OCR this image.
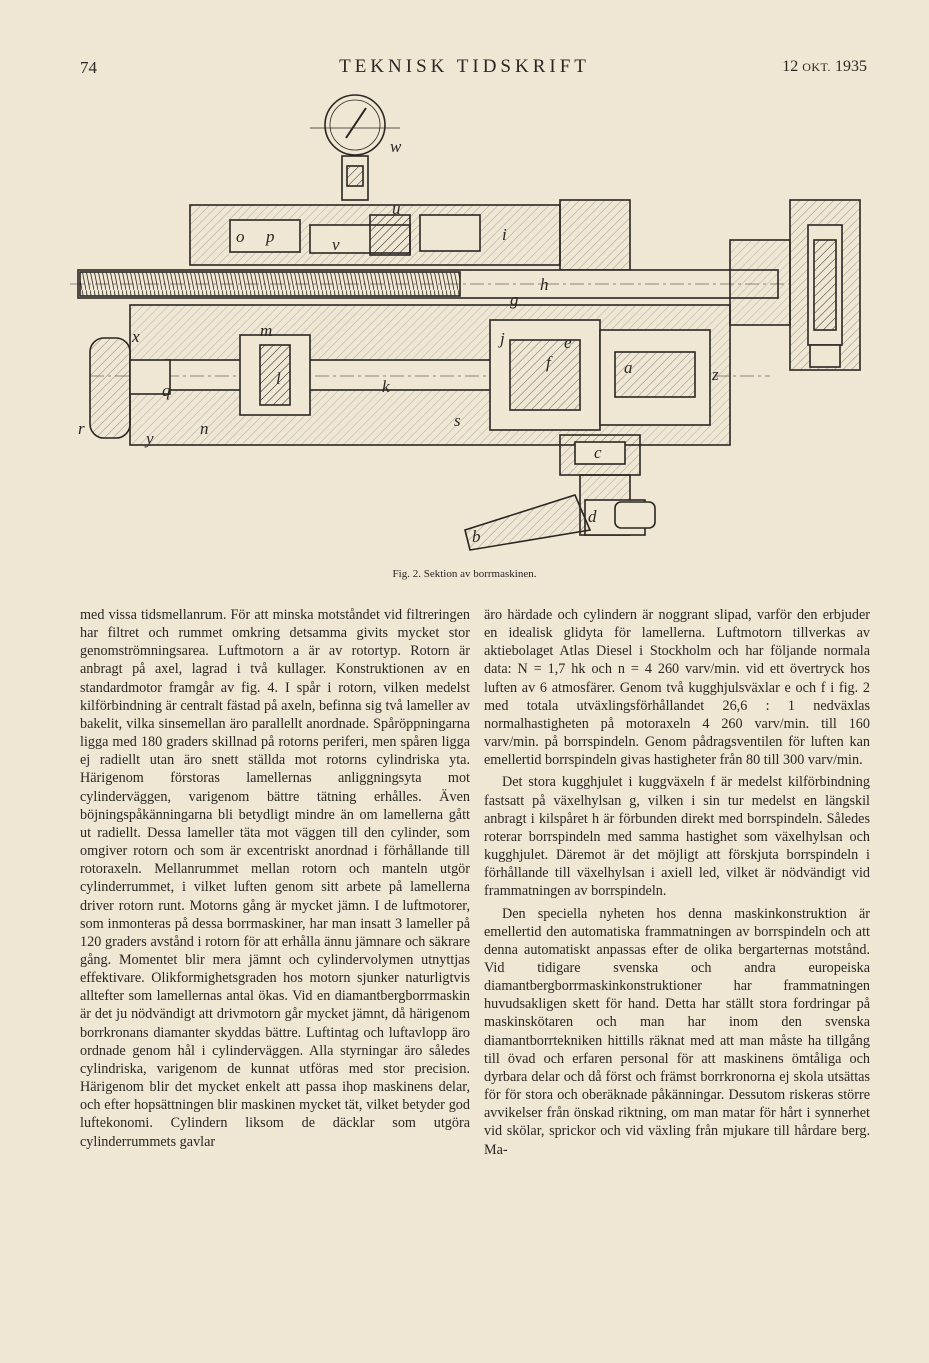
74	TEKNISK TIDSKRIFT	12 OKT. 1935
w
u
o p	v
i
h
g
x	m	j	e
f	a	z
q
l	k
r
y
n	s
c
d
b
Fig. 2. Sektion av borrmaskinen.

med vissa tidsmellanrum. För att minska motståndet vid filtreringen har filtret och rummet omkring detsamma givits mycket stor genomströmningsarea. Luftmotorn a är av rotortyp. Rotorn är anbragt på axel, lagrad i två kullager. Konstruktionen av en standardmotor framgår av fig. 4. I spår i rotorn, vilken medelst kilförbindning är centralt fästad på axeln, befinna sig två lameller av bakelit, vilka sinsemellan äro parallellt anordnade. Spåröppningarna ligga med 180 graders skillnad på rotorns periferi, men spåren ligga ej radiellt utan äro snett ställda mot rotorns cylindriska yta. Härigenom förstoras lamellernas anliggningsyta mot cylinderväggen, varigenom bättre tätning erhålles. Även böjningspåkänningarna bli betydligt mindre än om lamellerna gått ut radiellt. Dessa lameller täta mot väggen till den cylinder, som omgiver rotorn och som är excentriskt anordnad i förhållande till rotoraxeln. Mellanrummet mellan rotorn och manteln utgör cylinderrummet, i vilket luften genom sitt arbete på lamellerna driver rotorn runt. Motorns gång är mycket jämn. I de luftmotorer, som inmonteras på dessa borrmaskiner, har man insatt 3 lameller på 120 graders avstånd i rotorn för att erhålla ännu jämnare och säkrare gång. Momentet blir mera jämnt och cylindervolymen utnyttjas effektivare. Olikformighetsgraden hos motorn sjunker naturligtvis alltefter som lamellernas antal ökas. Vid en diamantbergborrmaskin är det ju nödvändigt att drivmotorn går mycket jämnt, då härigenom borrkronans diamanter skyddas bättre. Luftintag och luftavlopp äro ordnade genom hål i cylinderväggen. Alla styrningar äro således cylindriska, varigenom de kunnat utföras med stor precision. Härigenom blir det mycket enkelt att passa ihop maskinens delar, och efter hopsättningen blir maskinen mycket tät, vilket betyder god luftekonomi. Cylindern liksom de däcklar som utgöra cylinderrummets gavlar

äro härdade och cylindern är noggrant slipad, varför den erbjuder en idealisk glidyta för lamellerna. Luftmotorn tillverkas av aktiebolaget Atlas Diesel i Stockholm och har följande normala data: N = 1,7 hk och n = 4 260 varv/min. vid ett övertryck hos luften av 6 atmosfärer. Genom två kugghjulsväxlar e och f i fig. 2 med totala utväxlingsförhållandet 26,6 : 1 nedväxlas normalhastigheten på motoraxeln 4 260 varv/min. till 160 varv/min. på borrspindeln. Genom pådragsventilen för luften kan emellertid borrspindeln givas hastigheter från 80 till 300 varv/min.

Det stora kugghjulet i kuggväxeln f är medelst kilförbindning fastsatt på växelhylsan g, vilken i sin tur medelst en längskil anbragt i kilspåret h är förbunden direkt med borrspindeln. Således roterar borrspindeln med samma hastighet som växelhylsan och kugghjulet. Däremot är det möjligt att förskjuta borrspindeln i förhållande till växelhylsan i axiell led, vilket är nödvändigt vid frammatningen av borrspindeln.

Den speciella nyheten hos denna maskinkonstruktion är emellertid den automatiska frammatningen av borrspindeln och att denna automatiskt anpassas efter de olika bergarternas motstånd. Vid tidigare svenska och andra europeiska diamantbergborrmaskinkonstruktioner har frammatningen huvudsakligen skett för hand. Detta har ställt stora fordringar på maskinskötaren och man har inom den svenska diamantborrtekniken hittills räknat med att man måste ha tillgång till övad och erfaren personal för att maskinens ömtåliga och dyrbara delar och då först och främst borrkronorna ej skola utsättas för för stora och oberäknade påkänningar. Dessutom riskeras större avvikelser från önskad riktning, om man matar för hårt i synnerhet vid skölar, sprickor och vid växling från mjukare till hårdare berg. Ma-
